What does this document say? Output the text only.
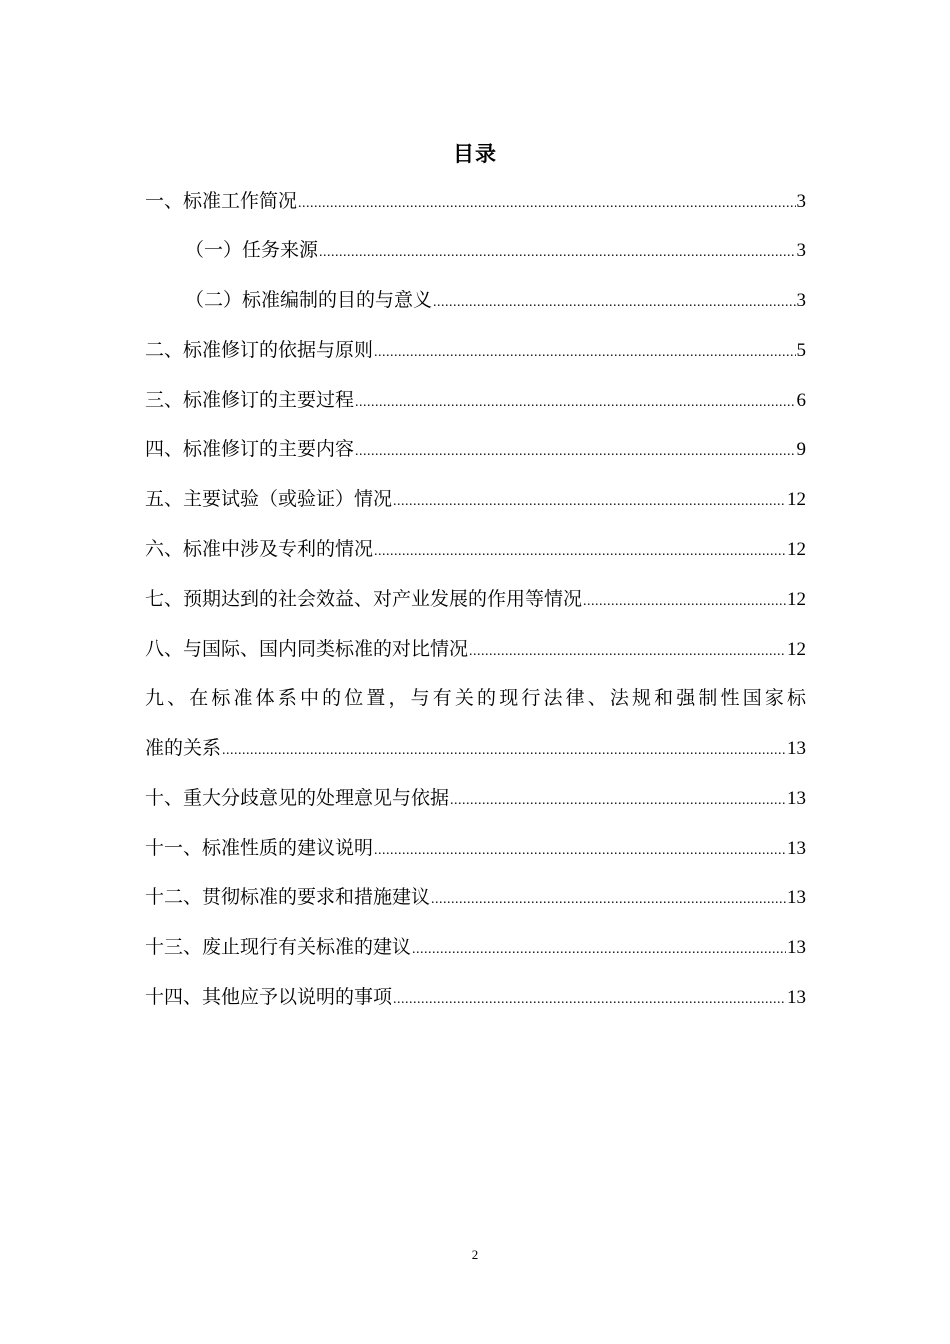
目录
一、标准工作简况 .....	3
（一）任务来源 .....	3
（二）标准编制的目的与意义 .....	3
二、标准修订的依据与原则 .....	5
三、标准修订的主要过程 .....	6
四、标准修订的主要内容 .....	9
五、主要试验（或验证）情况 .....	12
六、标准中涉及专利的情况 .....	12
七、预期达到的社会效益、对产业发展的作用等情况 .....	12
八、与国际、国内同类标准的对比情况 .....	12
九、在标准体系中的位置，与有关的现行法律、法规和强制性国家标
准的关系 .....	13
十、重大分歧意见的处理意见与依据 .....	13
十一、标准性质的建议说明 .....	13
十二、贯彻标准的要求和措施建议 .....	13
十三、废止现行有关标准的建议 .....	13
十四、其他应予以说明的事项 .....	13
2
